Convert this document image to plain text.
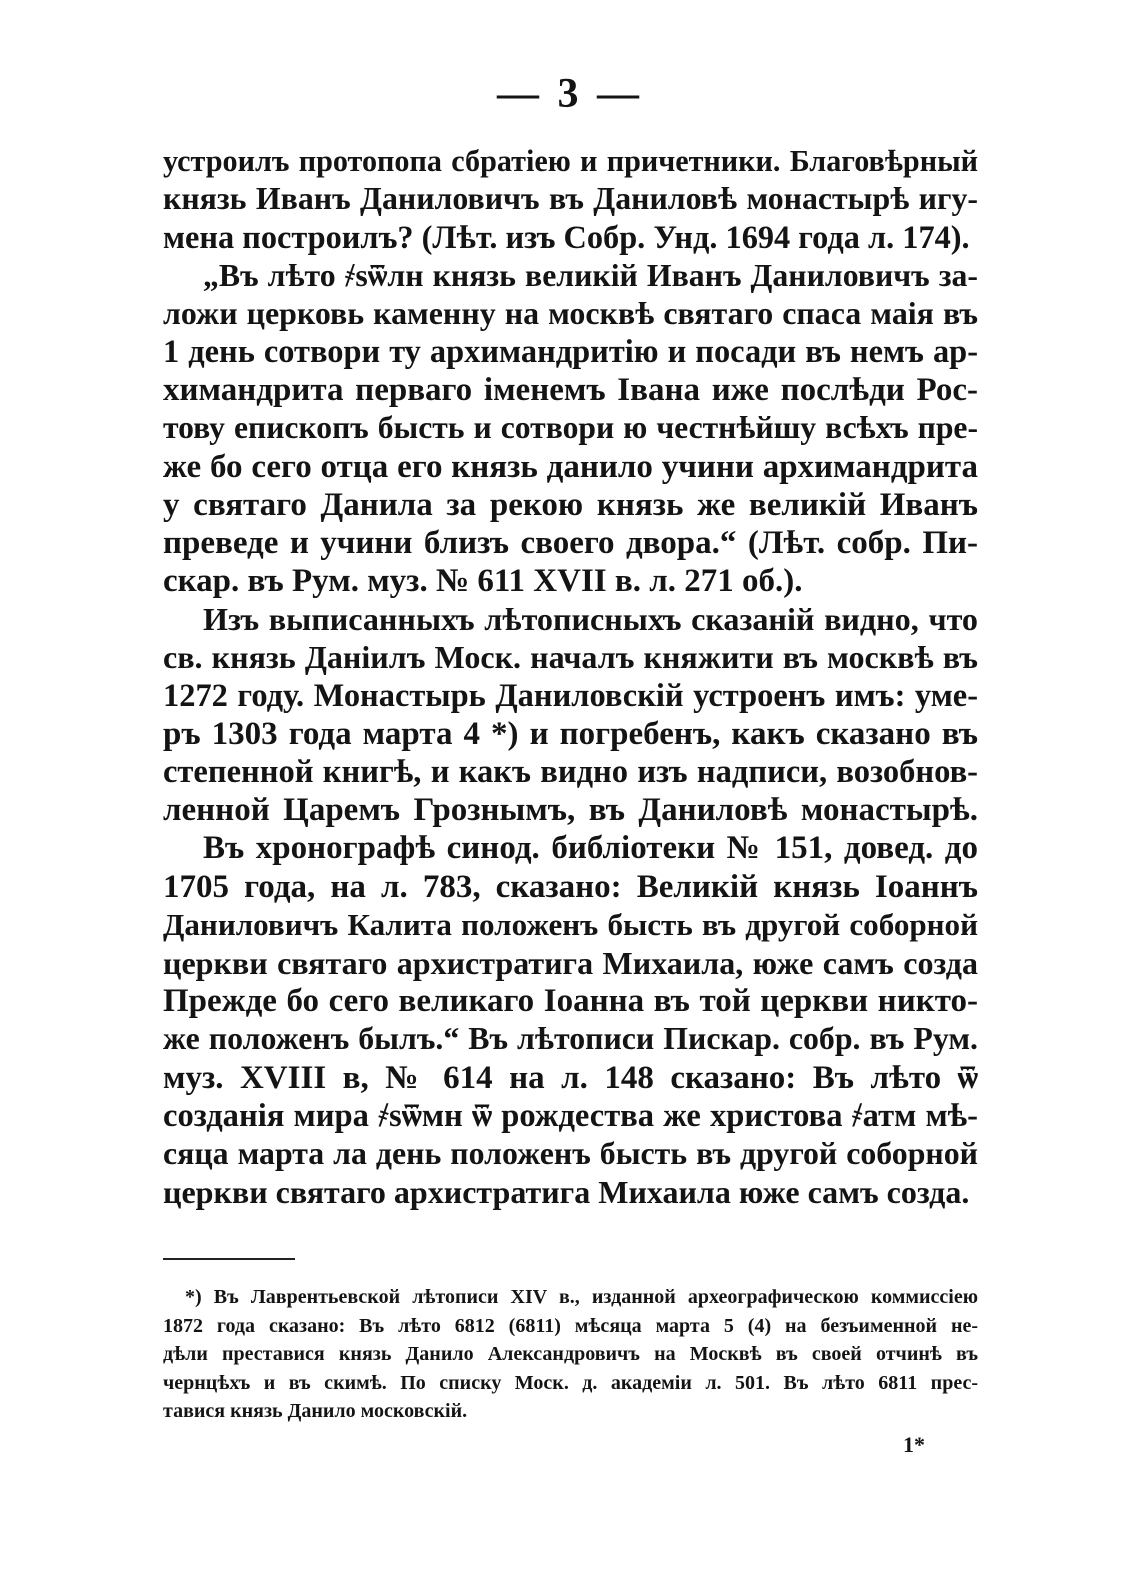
— 3 —
устроилъ протопопа сбратіею и причетники. Благовѣрный
князь Иванъ Даниловичъ въ Даниловѣ монастырѣ игу-
мена построилъ? (Лѣт. изъ Собр. Унд. 1694 года л. 174).
„Въ лѣто ҂ѕѿлн князь великій Иванъ Даниловичъ за-
ложи церковь каменну на москвѣ святаго спаса маія въ
1 день сотвори ту архимандритію и посади въ немъ ар-
химандрита перваго іменемъ Івана иже послѣди Рос-
тову епископъ бысть и сотвори ю честнѣйшу всѣхъ пре-
же бо сего отца его князь данило учини архимандрита
у святаго Данила за рекою князь же великій Иванъ
преведе и учини близъ своего двора.“ (Лѣт. собр. Пи-
скар. въ Рум. муз. № 611 XVII в. л. 271 об.).
Изъ выписанныхъ лѣтописныхъ сказаній видно, что
св. князь Даніилъ Моск. началъ княжити въ москвѣ въ
1272 году. Монастырь Даниловскій устроенъ имъ: уме-
ръ 1303 года марта 4 *) и погребенъ, какъ сказано въ
степенной книгѣ, и какъ видно изъ надписи, возобнов-
ленной Царемъ Грознымъ, въ Даниловѣ монастырѣ.
Въ хронографѣ синод. библіотеки № 151, довед. до
1705 года, на л. 783, сказано: Великій князь Іоаннъ
Даниловичъ Калита положенъ бысть въ другой соборной
церкви святаго архистратига Михаила, юже самъ созда
Прежде бо сего великаго Іоанна въ той церкви никто-
же положенъ былъ.“ Въ лѣтописи Пискар. собр. въ Рум.
муз. XVIII в, № 614 на л. 148 сказано: Въ лѣто ѿ
созданія мира ҂ѕѿмн ѿ рождества же христова ҂атм мѣ-
сяца марта ла день положенъ бысть въ другой соборной
церкви святаго архистратига Михаила юже самъ созда.
*) Въ Лаврентьевской лѣтописи XIV в., изданной археографическою коммиссіею
1872 года сказано: Въ лѣто 6812 (6811) мѣсяца марта 5 (4) на безъименной не-
дѣли преставися князь Данило Александровичъ на Москвѣ въ своей отчинѣ въ
чернцѣхъ и въ скимѣ. По списку Моск. д. академіи л. 501. Въ лѣто 6811 прес-
тавися князь Данило московскій.
1*
